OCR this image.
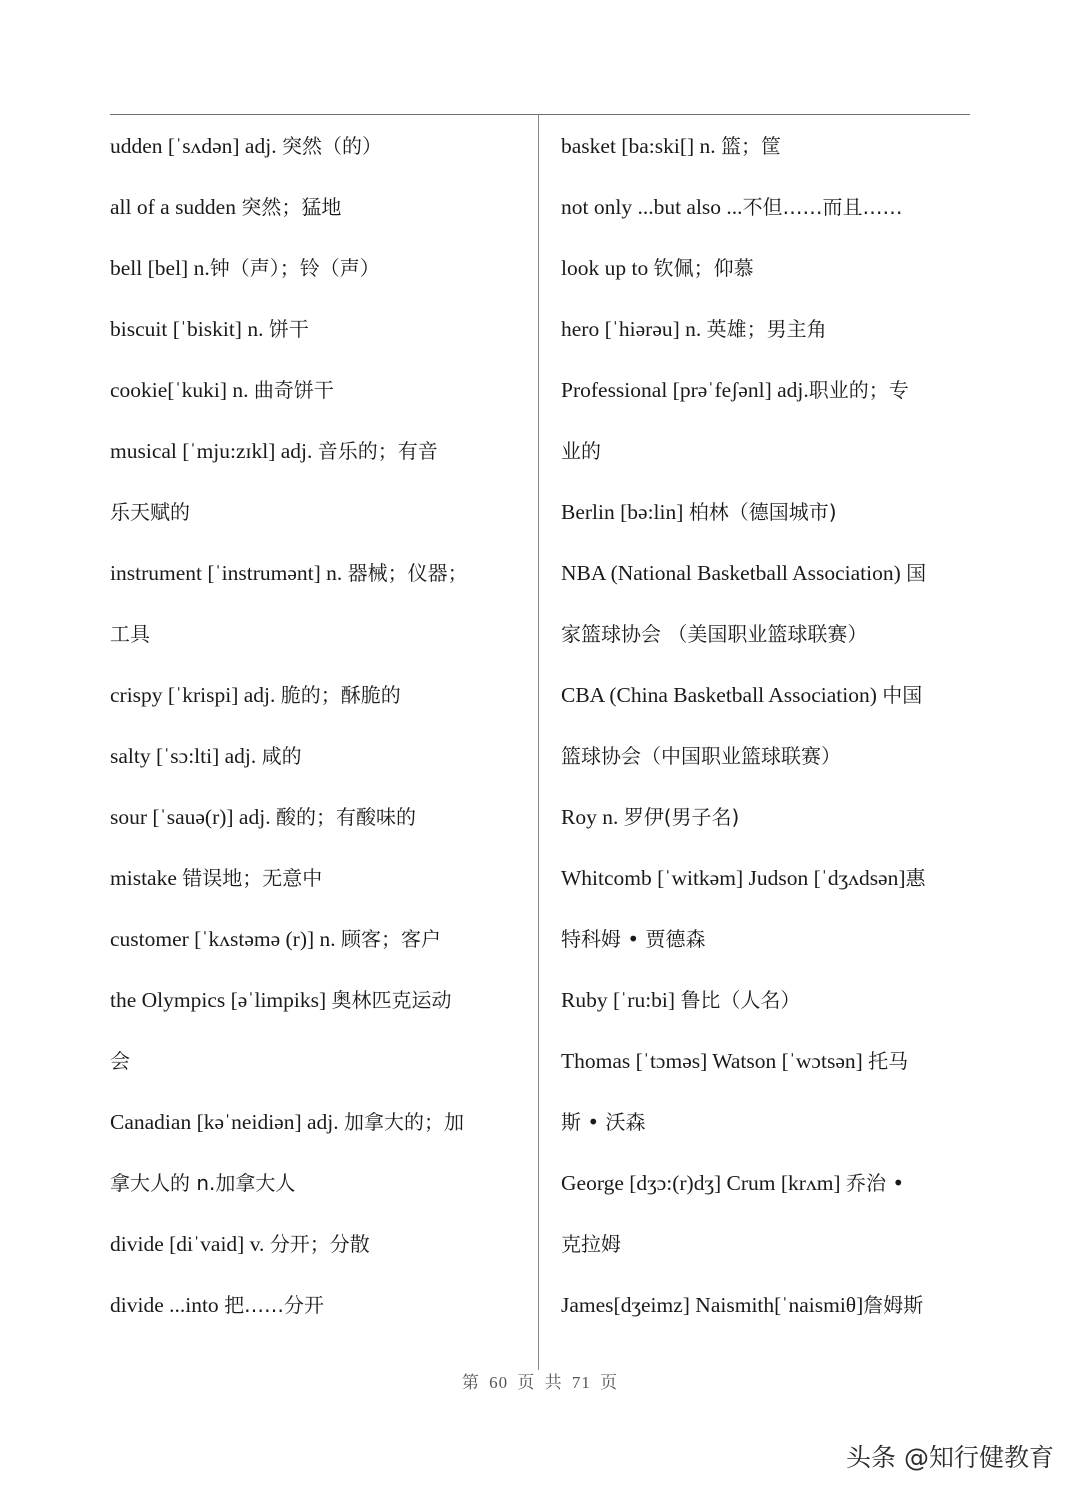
udden [ˈsʌdən] adj. 突然（的）
all of a sudden 突然；猛地
bell [bel] n.钟（声）；铃（声）
biscuit [ˈbiskit] n. 饼干
cookie[ˈkuki] n. 曲奇饼干
musical [ˈmju:zɪkl] adj. 音乐的；有音
乐天赋的
instrument [ˈinstrumənt] n. 器械；仪器；
工具
crispy [ˈkrispi] adj. 脆的；酥脆的
salty [ˈsɔ:lti] adj. 咸的
sour [ˈsauə(r)] adj. 酸的；有酸味的
mistake 错误地；无意中
customer [ˈkʌstəmə (r)] n. 顾客；客户
the Olympics [əˈlimpiks] 奥林匹克运动
会
Canadian [kəˈneidiən] adj. 加拿大的；加
拿大人的 n.加拿大人
divide [diˈvaid] v. 分开；分散
divide ...into 把……分开
basket [ba:ski[] n. 篮；筐
not only ...but also ...不但……而且……
look up to 钦佩；仰慕
hero [ˈhiərəu] n. 英雄；男主角
Professional [prəˈfeʃənl] adj.职业的；专
业的
Berlin [bə:lin] 柏林（德国城市)
NBA (National Basketball Association) 国
家篮球协会 （美国职业篮球联赛）
CBA (China Basketball Association) 中国
篮球协会（中国职业篮球联赛）
Roy n. 罗伊(男子名)
Whitcomb [ˈwitkəm] Judson [ˈdʒʌdsən]惠
特科姆 • 贾德森
Ruby [ˈru:bi] 鲁比（人名）
Thomas [ˈtɔməs] Watson [ˈwɔtsən] 托马
斯 • 沃森
George [dʒɔ:(r)dʒ] Crum [krʌm] 乔治 •
克拉姆
James[dʒeimz] Naismith[ˈnaismiθ]詹姆斯
第 60 页 共 71 页
头条 @知行健教育
